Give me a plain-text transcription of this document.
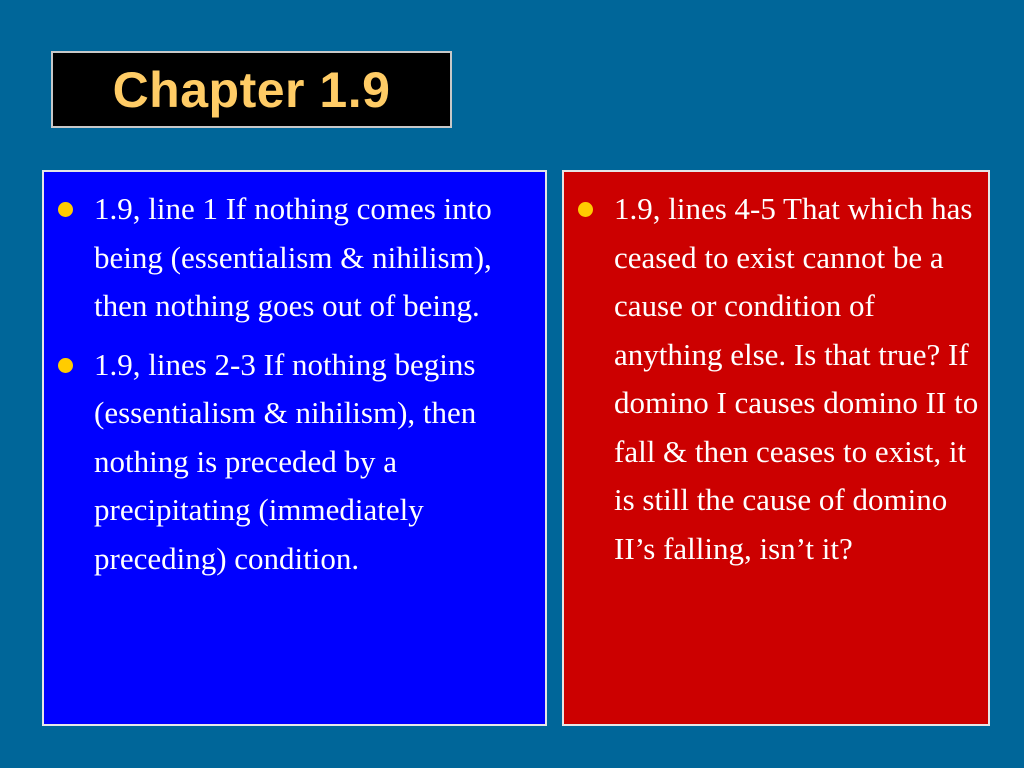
Chapter 1.9
1.9, line 1 If nothing comes into being (essentialism & nihilism), then nothing goes out of being.
1.9, lines 2-3 If nothing begins (essentialism & nihilism), then nothing is preceded by a precipitating (immediately preceding) condition.
1.9, lines 4-5 That which has ceased to exist cannot be a cause or condition of anything else. Is that true? If domino I causes domino II to fall & then ceases to exist, it is still the cause of domino II’s falling, isn’t it?
